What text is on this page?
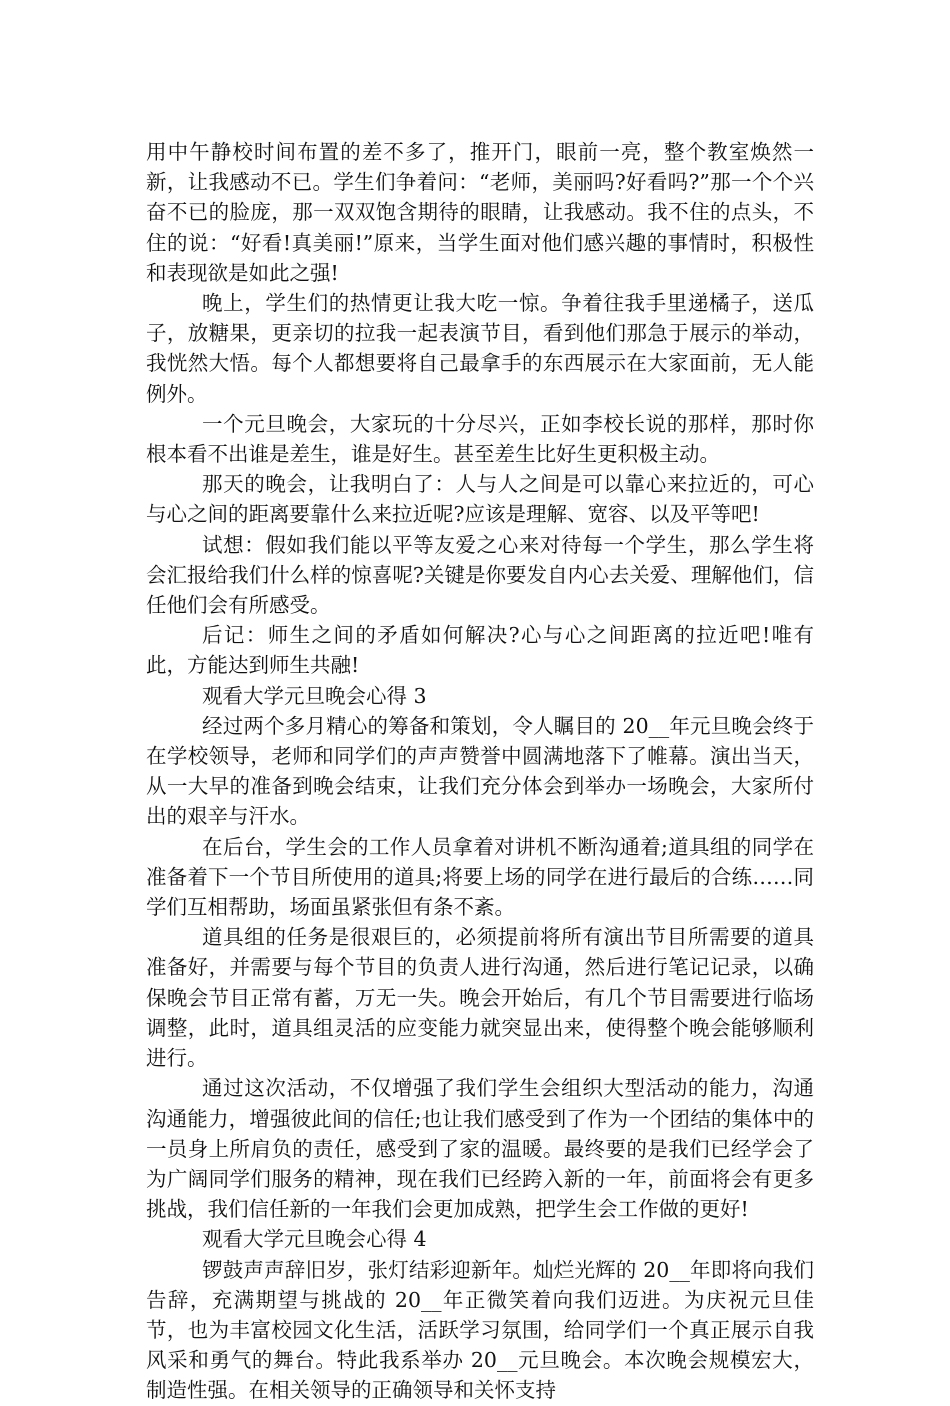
用中午静校时间布置的差不多了，推开门，眼前一亮，整个教室焕然一新，让我感动不已。学生们争着问：“老师，美丽吗?好看吗?”那一个个兴奋不已的脸庞，那一双双饱含期待的眼睛，让我感动。我不住的点头，不住的说：“好看!真美丽!”原来，当学生面对他们感兴趣的事情时，积极性和表现欲是如此之强!

晚上，学生们的热情更让我大吃一惊。争着往我手里递橘子，送瓜子，放糖果，更亲切的拉我一起表演节目，看到他们那急于展示的举动，我恍然大悟。每个人都想要将自己最拿手的东西展示在大家面前，无人能例外。

一个元旦晚会，大家玩的十分尽兴，正如李校长说的那样，那时你根本看不出谁是差生，谁是好生。甚至差生比好生更积极主动。

那天的晚会，让我明白了：人与人之间是可以靠心来拉近的，可心与心之间的距离要靠什么来拉近呢?应该是理解、宽容、以及平等吧!

试想：假如我们能以平等友爱之心来对待每一个学生，那么学生将会汇报给我们什么样的惊喜呢?关键是你要发自内心去关爱、理解他们，信任他们会有所感受。

后记：师生之间的矛盾如何解决?心与心之间距离的拉近吧!唯有此，方能达到师生共融!

观看大学元旦晚会心得 3

经过两个多月精心的筹备和策划，令人瞩目的 20__年元旦晚会终于在学校领导，老师和同学们的声声赞誉中圆满地落下了帷幕。演出当天，从一大早的准备到晚会结束，让我们充分体会到举办一场晚会，大家所付出的艰辛与汗水。

在后台，学生会的工作人员拿着对讲机不断沟通着;道具组的同学在准备着下一个节目所使用的道具;将要上场的同学在进行最后的合练……同学们互相帮助，场面虽紧张但有条不紊。

道具组的任务是很艰巨的，必须提前将所有演出节目所需要的道具准备好，并需要与每个节目的负责人进行沟通，然后进行笔记记录，以确保晚会节目正常有蓄，万无一失。晚会开始后，有几个节目需要进行临场调整，此时，道具组灵活的应变能力就突显出来，使得整个晚会能够顺利进行。

通过这次活动，不仅增强了我们学生会组织大型活动的能力，沟通沟通能力，增强彼此间的信任;也让我们感受到了作为一个团结的集体中的一员身上所肩负的责任，感受到了家的温暖。最终要的是我们已经学会了为广阔同学们服务的精神，现在我们已经跨入新的一年，前面将会有更多挑战，我们信任新的一年我们会更加成熟，把学生会工作做的更好!

观看大学元旦晚会心得 4

锣鼓声声辞旧岁，张灯结彩迎新年。灿烂光辉的 20__年即将向我们告辞，充满期望与挑战的 20__年正微笑着向我们迈进。为庆祝元旦佳节，也为丰富校园文化生活，活跃学习氛围，给同学们一个真正展示自我风采和勇气的舞台。特此我系举办 20__元旦晚会。本次晚会规模宏大，制造性强。在相关领导的正确领导和关怀支持
